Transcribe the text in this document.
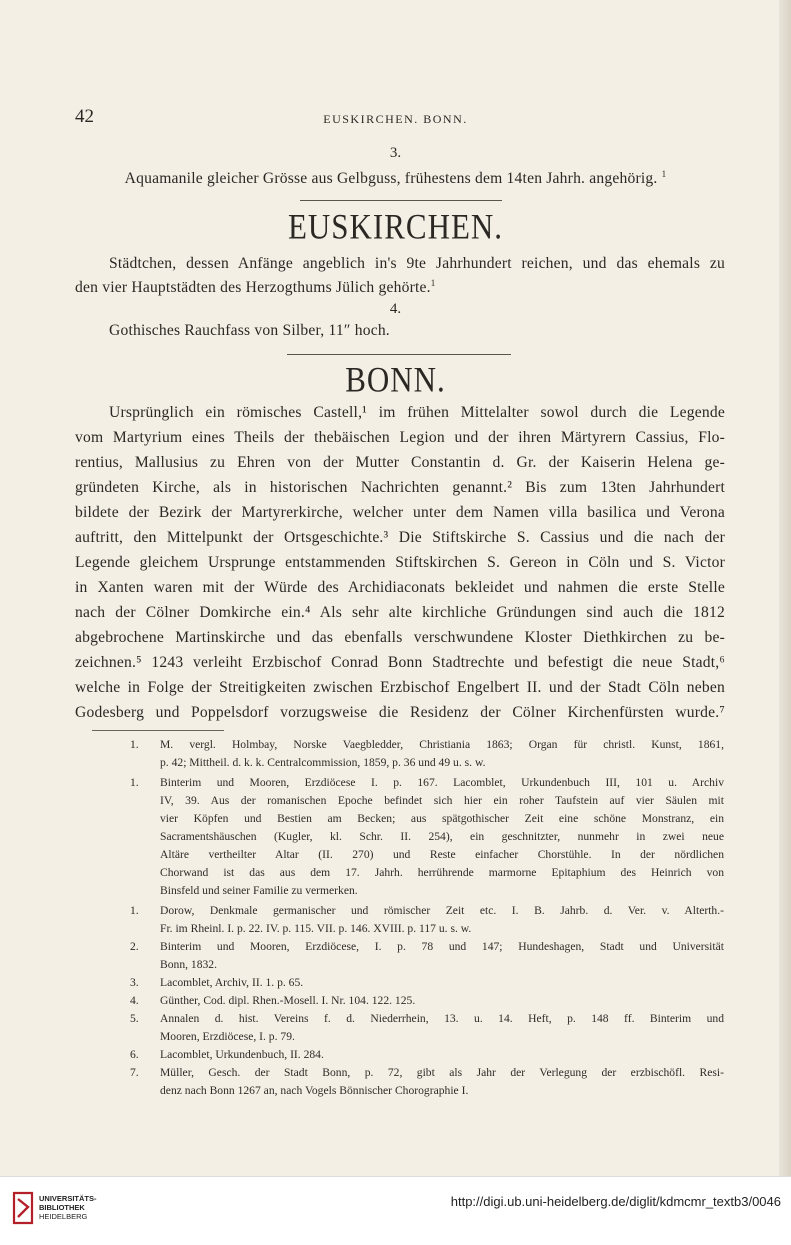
42	EUSKIRCHEN. BONN.
3.
Aquamanile gleicher Grösse aus Gelbguss, frühestens dem 14ten Jahrh. angehörig. $^1$
EUSKIRCHEN.
Städtchen, dessen Anfänge angeblich in's 9te Jahrhundert reichen, und das ehemals zu
den vier Hauptstädten des Herzogthums Jülich gehörte.$^1$
4.
Gothisches Rauchfass von Silber, 11″ hoch.
BONN.
Ursprünglich ein römisches Castell,¹ im frühen Mittelalter sowol durch die Legende
vom Martyrium eines Theils der thebäischen Legion und der ihren Märtyrern Cassius, Flo-
rentius, Mallusius zu Ehren von der Mutter Constantin d. Gr. der Kaiserin Helena ge-
gründeten Kirche, als in historischen Nachrichten genannt.² Bis zum 13ten Jahrhundert
bildete der Bezirk der Martyrerkirche, welcher unter dem Namen villa basilica und Verona
auftritt, den Mittelpunkt der Ortsgeschichte.³ Die Stiftskirche S. Cassius und die nach der
Legende gleichem Ursprunge entstammenden Stiftskirchen S. Gereon in Cöln und S. Victor
in Xanten waren mit der Würde des Archidiaconats bekleidet und nahmen die erste Stelle
nach der Cölner Domkirche ein.⁴ Als sehr alte kirchliche Gründungen sind auch die 1812
abgebrochene Martinskirche und das ebenfalls verschwundene Kloster Diethkirchen zu be-
zeichnen.⁵ 1243 verleiht Erzbischof Conrad Bonn Stadtrechte und befestigt die neue Stadt,⁶
welche in Folge der Streitigkeiten zwischen Erzbischof Engelbert II. und der Stadt Cöln neben
Godesberg und Poppelsdorf vorzugsweise die Residenz der Cölner Kirchenfürsten wurde.⁷
1. M. vergl. Holmbay, Norske Vaegbledder, Christiania 1863; Organ für christl. Kunst, 1861,
p. 42; Mittheil. d. k. k. Centralcommission, 1859, p. 36 und 49 u. s. w.
1. Binterim und Mooren, Erzdiöcese I. p. 167. Lacomblet, Urkundenbuch III, 101 u. Archiv
IV, 39. Aus der romanischen Epoche befindet sich hier ein roher Taufstein auf vier Säulen mit
vier Köpfen und Bestien am Becken; aus spätgothischer Zeit eine schöne Monstranz, ein
Sacramentshäuschen (Kugler, kl. Schr. II. 254), ein geschnitzter, nunmehr in zwei neue
Altäre vertheilter Altar (II. 270) und Reste einfacher Chorstühle. In der nördlichen
Chorwand ist das aus dem 17. Jahrh. herrührende marmorne Epitaphium des Heinrich von
Binsfeld und seiner Familie zu vermerken.
1. Dorow, Denkmale germanischer und römischer Zeit etc. I. B. Jahrb. d. Ver. v. Alterth.-
Fr. im Rheinl. I. p. 22. IV. p. 115. VII. p. 146. XVIII. p. 117 u. s. w.
2. Binterim und Mooren, Erzdiöcese, I. p. 78 und 147; Hundeshagen, Stadt und Universität
Bonn, 1832.
3. Lacomblet, Archiv, II. 1. p. 65.
4. Günther, Cod. dipl. Rhen.-Mosell. I. Nr. 104. 122. 125.
5. Annalen d. hist. Vereins f. d. Niederrhein, 13. u. 14. Heft, p. 148 ff. Binterim und
Mooren, Erzdiöcese, I. p. 79.
6. Lacomblet, Urkundenbuch, II. 284.
7. Müller, Gesch. der Stadt Bonn, p. 72, gibt als Jahr der Verlegung der erzbischöfl. Resi-
denz nach Bonn 1267 an, nach Vogels Bönnischer Chorographie I.
UNIVERSITÄTS-
BIBLIOTHEK
HEIDELBERG
http://digi.ub.uni-heidelberg.de/diglit/kdmcmr_textb3/0046
